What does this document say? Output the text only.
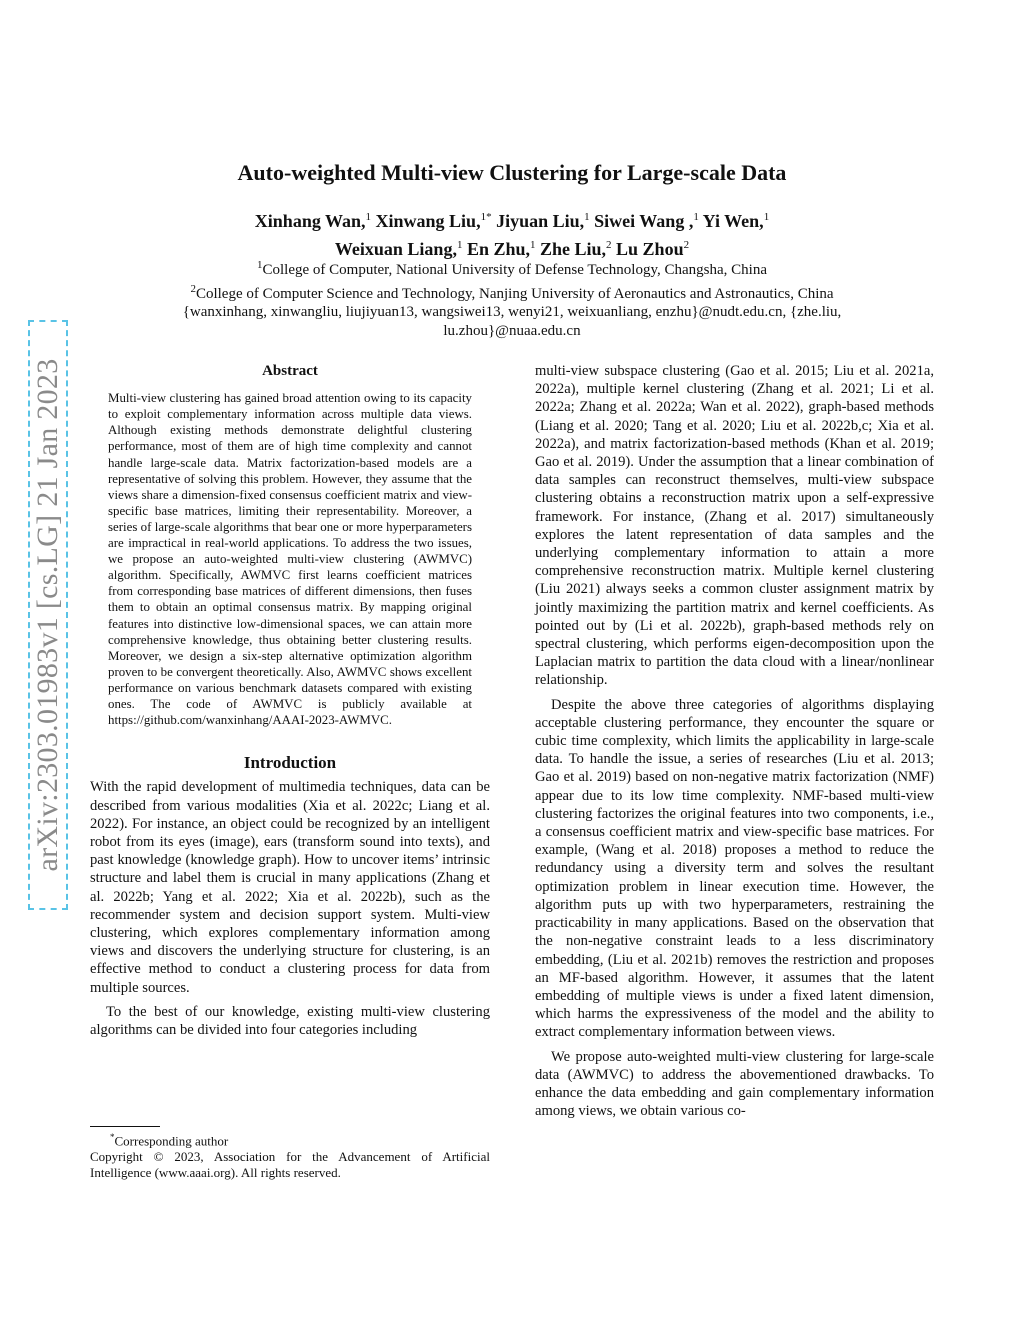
arXiv:2303.01983v1 [cs.LG] 21 Jan 2023
Auto-weighted Multi-view Clustering for Large-scale Data
Xinhang Wan,$^1$ Xinwang Liu,$^{1*}$ Jiyuan Liu,$^1$ Siwei Wang ,$^1$ Yi Wen,$^1$
Weixuan Liang,$^1$ En Zhu,$^1$ Zhe Liu,$^2$ Lu Zhou$^2$
$^1$College of Computer, National University of Defense Technology, Changsha, China
$^2$College of Computer Science and Technology, Nanjing University of Aeronautics and Astronautics, China
{wanxinhang, xinwangliu, liujiyuan13, wangsiwei13, wenyi21, weixuanliang, enzhu}@nudt.edu.cn, {zhe.liu,
lu.zhou}@nuaa.edu.cn
Abstract
Multi-view clustering has gained broad attention owing to its capacity to exploit complementary information across multiple data views. Although existing methods demonstrate delightful clustering performance, most of them are of high time complexity and cannot handle large-scale data. Matrix factorization-based models are a representative of solving this problem. However, they assume that the views share a dimension-fixed consensus coefficient matrix and view-specific base matrices, limiting their representability. Moreover, a series of large-scale algorithms that bear one or more hyperparameters are impractical in real-world applications. To address the two issues, we propose an auto-weighted multi-view clustering (AWMVC) algorithm. Specifically, AWMVC first learns coefficient matrices from corresponding base matrices of different dimensions, then fuses them to obtain an optimal consensus matrix. By mapping original features into distinctive low-dimensional spaces, we can attain more comprehensive knowledge, thus obtaining better clustering results. Moreover, we design a six-step alternative optimization algorithm proven to be convergent theoretically. Also, AWMVC shows excellent performance on various benchmark datasets compared with existing ones. The code of AWMVC is publicly available at https://github.com/wanxinhang/AAAI-2023-AWMVC.
Introduction

With the rapid development of multimedia techniques, data can be described from various modalities (Xia et al. 2022c; Liang et al. 2022). For instance, an object could be recognized by an intelligent robot from its eyes (image), ears (transform sound into texts), and past knowledge (knowledge graph). How to uncover items’ intrinsic structure and label them is crucial in many applications (Zhang et al. 2022b; Yang et al. 2022; Xia et al. 2022b), such as the recommender system and decision support system. Multi-view clustering, which explores complementary information among views and discovers the underlying structure for clustering, is an effective method to conduct a clustering process for data from multiple sources.

To the best of our knowledge, existing multi-view clustering algorithms can be divided into four categories including

*Corresponding author
Copyright © 2023, Association for the Advancement of Artificial Intelligence (www.aaai.org). All rights reserved.

multi-view subspace clustering (Gao et al. 2015; Liu et al. 2021a, 2022a), multiple kernel clustering (Zhang et al. 2021; Li et al. 2022a; Zhang et al. 2022a; Wan et al. 2022), graph-based methods (Liang et al. 2020; Tang et al. 2020; Liu et al. 2022b,c; Xia et al. 2022a), and matrix factorization-based methods (Khan et al. 2019; Gao et al. 2019). Under the assumption that a linear combination of data samples can reconstruct themselves, multi-view subspace clustering obtains a reconstruction matrix upon a self-expressive framework. For instance, (Zhang et al. 2017) simultaneously explores the latent representation of data samples and the underlying complementary information to attain a more comprehensive reconstruction matrix. Multiple kernel clustering (Liu 2021) always seeks a common cluster assignment matrix by jointly maximizing the partition matrix and kernel coefficients. As pointed out by (Li et al. 2022b), graph-based methods rely on spectral clustering, which performs eigen-decomposition upon the Laplacian matrix to partition the data cloud with a linear/nonlinear relationship.

Despite the above three categories of algorithms displaying acceptable clustering performance, they encounter the square or cubic time complexity, which limits the applicability in large-scale data. To handle the issue, a series of researches (Liu et al. 2013; Gao et al. 2019) based on non-negative matrix factorization (NMF) appear due to its low time complexity. NMF-based multi-view clustering factorizes the original features into two components, i.e., a consensus coefficient matrix and view-specific base matrices. For example, (Wang et al. 2018) proposes a method to reduce the redundancy using a diversity term and solves the resultant optimization problem in linear execution time. However, the algorithm puts up with two hyperparameters, restraining the practicability in many applications. Based on the observation that the non-negative constraint leads to a less discriminatory embedding, (Liu et al. 2021b) removes the restriction and proposes an MF-based algorithm. However, it assumes that the latent embedding of multiple views is under a fixed latent dimension, which harms the expressiveness of the model and the ability to extract complementary information between views.

We propose auto-weighted multi-view clustering for large-scale data (AWMVC) to address the abovementioned drawbacks. To enhance the data embedding and gain complementary information among views, we obtain various co-
